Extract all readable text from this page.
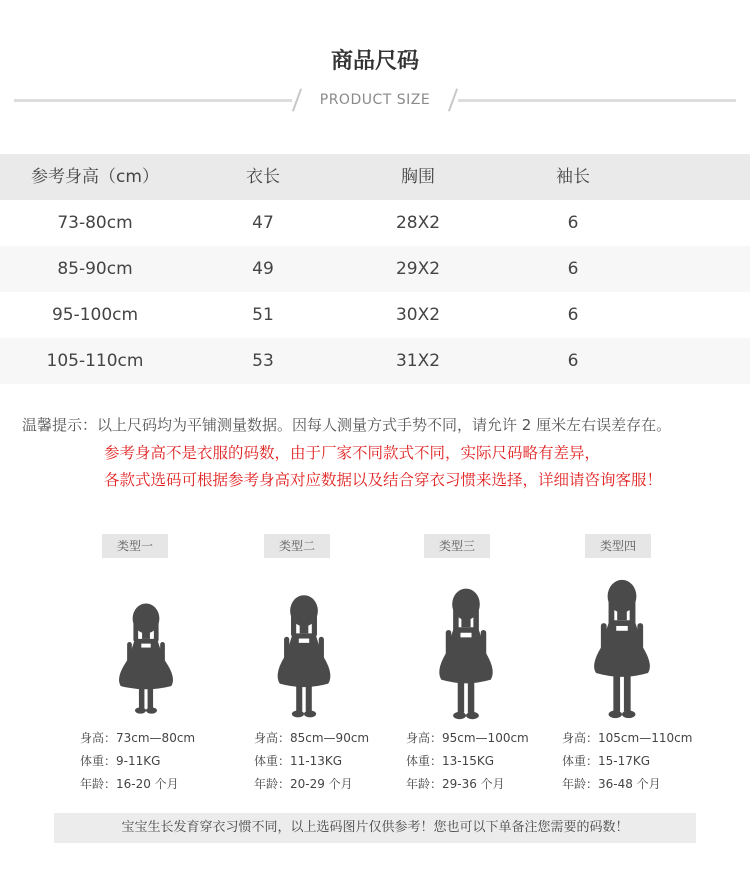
商品尺码
PRODUCT SIZE
参考身高（cm）	衣长	胸围	袖长
73-80cm	47	28X2	6
85-90cm	49	29X2	6
95-100cm	51	30X2	6
105-110cm	53	31X2	6
温馨提示：以上尺码均为平铺测量数据。因每人测量方式手势不同，请允许 2 厘米左右误差存在。
参考身高不是衣服的码数，由于厂家不同款式不同，实际尺码略有差异，
各款式选码可根据参考身高对应数据以及结合穿衣习惯来选择，详细请咨询客服！
类型一	类型二	类型三	类型四
身高：73cm—80cm
体重：9-11KG
年龄：16-20 个月
身高：85cm—90cm
体重：11-13KG
年龄：20-29 个月
身高：95cm—100cm
体重：13-15KG
年龄：29-36 个月
身高：105cm—110cm
体重：15-17KG
年龄：36-48 个月
宝宝生长发育穿衣习惯不同，以上选码图片仅供参考！您也可以下单备注您需要的码数！
